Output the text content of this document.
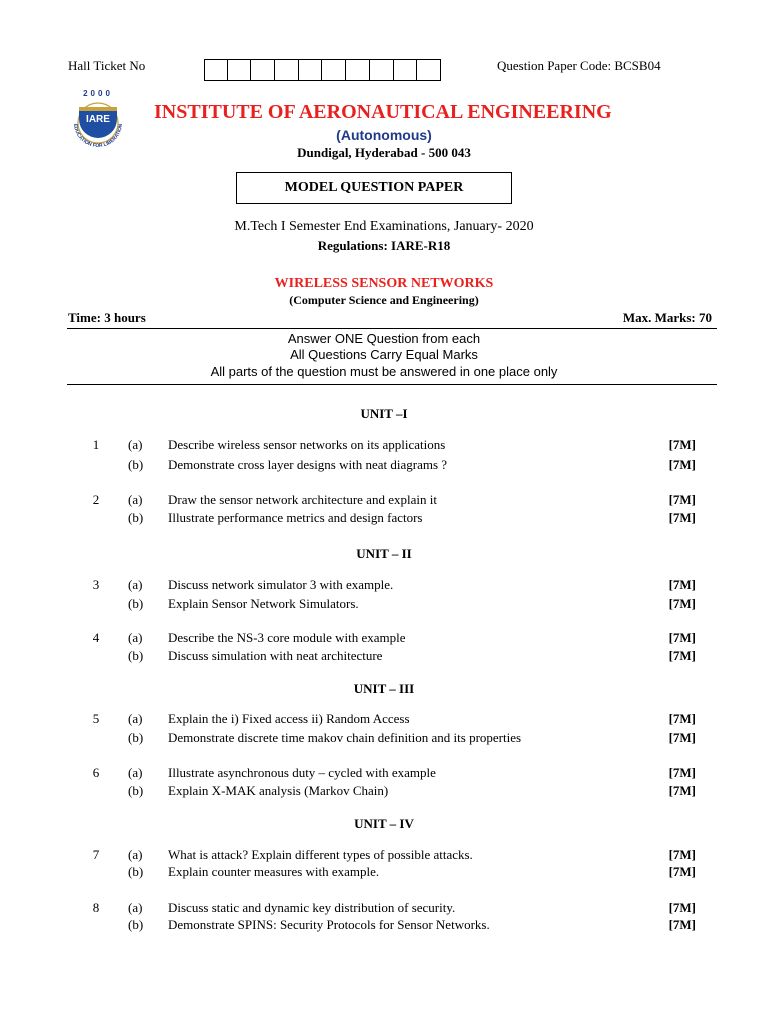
Hall Ticket No	Question Paper Code: BCSB04
2000
IARE
EDUCATION FOR LIBERATION
INSTITUTE OF AERONAUTICAL ENGINEERING
(Autonomous)
Dundigal, Hyderabad - 500 043
MODEL QUESTION PAPER
M.Tech I Semester End Examinations, January- 2020
Regulations: IARE-R18
WIRELESS SENSOR NETWORKS
(Computer Science and Engineering)
Time: 3 hours	Max. Marks: 70
Answer ONE Question from each
All Questions Carry Equal Marks
All parts of the question must be answered in one place only
UNIT –I
1 (a) Describe wireless sensor networks on its applications	[7M]
(b) Demonstrate cross layer designs with neat diagrams ?	[7M]
2 (a) Draw the sensor network architecture and explain it	[7M]
(b) Illustrate performance metrics and design factors	[7M]
UNIT – II
3 (a) Discuss network simulator 3 with example.	[7M]
(b) Explain Sensor Network Simulators.	[7M]
4 (a) Describe the NS-3 core module with example	[7M]
(b) Discuss simulation with neat architecture	[7M]
UNIT – III
5 (a) Explain the i) Fixed access ii) Random Access	[7M]
(b) Demonstrate discrete time makov chain definition and its properties	[7M]
6 (a) Illustrate asynchronous duty – cycled with example	[7M]
(b) Explain X-MAK analysis (Markov Chain)	[7M]
UNIT – IV
7 (a) What is attack? Explain different types of possible attacks.	[7M]
(b) Explain counter measures with example.	[7M]
8 (a) Discuss static and dynamic key distribution of security.	[7M]
(b) Demonstrate SPINS: Security Protocols for Sensor Networks.	[7M]
